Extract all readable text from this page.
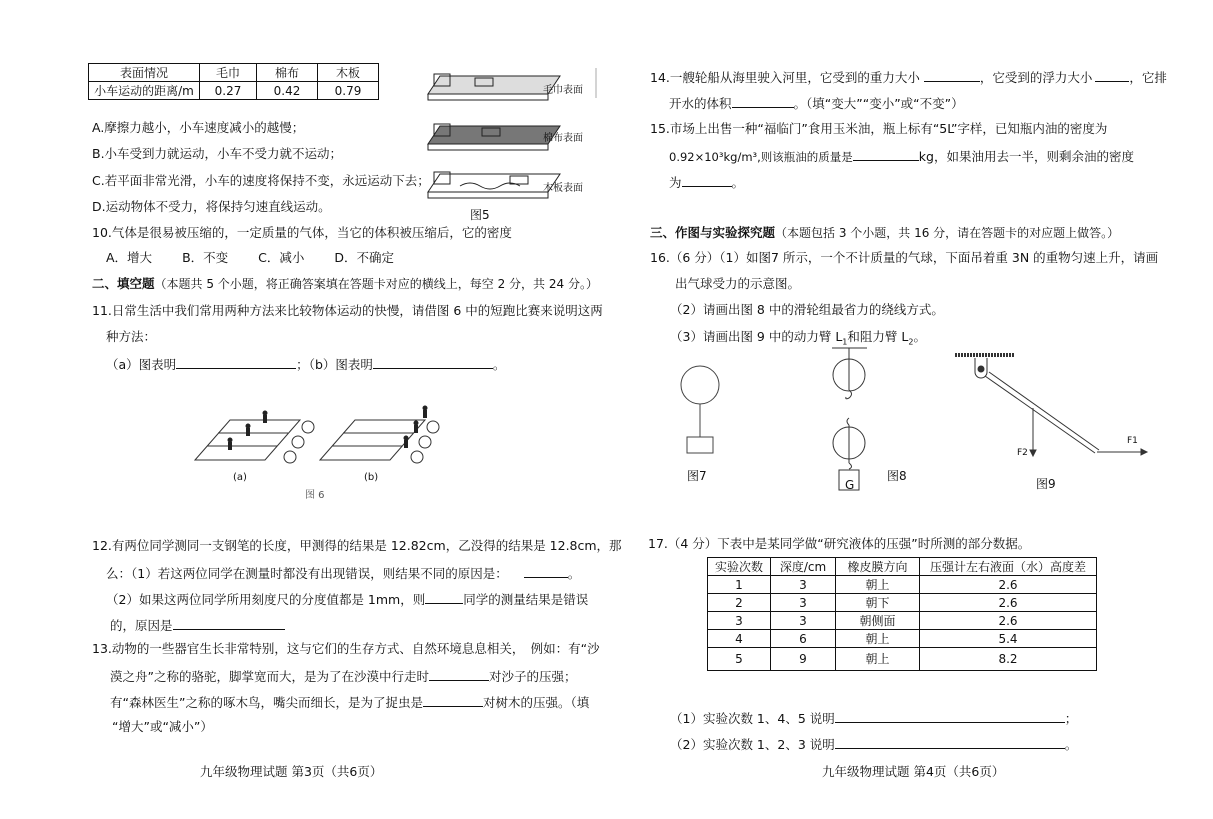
表面情况	毛巾	棉布	木板
小车运动的距离/m	0.27	0.42	0.79	毛巾表面
棉布表面
木板表面
图5
A.摩擦力越小，小车速度减小的越慢；
B.小车受到力就运动，小车不受力就不运动；
C.若平面非常光滑，小车的速度将保持不变，永远运动下去；
D.运动物体不受力，将保持匀速直线运动。
10.气体是很易被压缩的，一定质量的气体，当它的体积被压缩后，它的密度
A．增大 B．不变 C．减小 D．不确定
二、填空题（本题共 5 个小题，将正确答案填在答题卡对应的横线上，每空 2 分，共 24 分。）
11.日常生活中我们常用两种方法来比较物体运动的快慢，请借图 6 中的短跑比赛来说明这两
种方法：
（a）图表明	；（b）图表明	。
(a)	(b)
图 6
12.有两位同学测同一支钢笔的长度，甲测得的结果是 12.82cm，乙没得的结果是 12.8cm，那
么：（1）若这两位同学在测量时都没有出现错误，则结果不同的原因是：	。
（2）如果这两位同学所用刻度尺的分度值都是 1mm，则	同学的测量结果是错误
的，原因是
13.动物的一些器官生长非常特别，这与它们的生存方式、自然环境息息相关，　例如：有“沙
漠之舟”之称的骆驼，脚掌宽而大，是为了在沙漠中行走时	对沙子的压强；
有“森林医生”之称的啄木鸟，嘴尖而细长，是为了捉虫是	对树木的压强。（填
“增大”或“减小”）
九年级物理试题 第3页（共6页）
14.一艘轮船从海里驶入河里，它受到的重力大小	，它受到的浮力大小	，它排
开水的体积	。（填“变大”“变小”或“不变”）
15.市场上出售一种“福临门”食用玉米油，瓶上标有“5L”字样，已知瓶内油的密度为
0.92×10³kg/m³,则该瓶油的质量是	kg，如果油用去一半，则剩余油的密度
为	。
三、作图与实验探究题（本题包括 3 个小题，共 16 分，请在答题卡的对应题上做答。）
16.（6 分）（1）如图7 所示，一个不计质量的气球，下面吊着重 3N 的重物匀速上升，请画
出气球受力的示意图。
（2）请画出图 8 中的滑轮组最省力的绕线方式。
（3）请画出图 9 中的动力臂 $L_1$和阻力臂 $L_2$。
图7
G
图8
F2
F1
图9
17.（4 分）下表中是某同学做“研究液体的压强”时所测的部分数据。
实验次数	深度/cm	橡皮膜方向	压强计左右液面（水）高度差
1	3	朝上	2.6
2	3	朝下	2.6
3	3	朝侧面	2.6
4	6	朝上	5.4
5	9	朝上	8.2
（1）实验次数 1、4、5 说明	；
（2）实验次数 1、2、3 说明	。
九年级物理试题 第4页（共6页）
